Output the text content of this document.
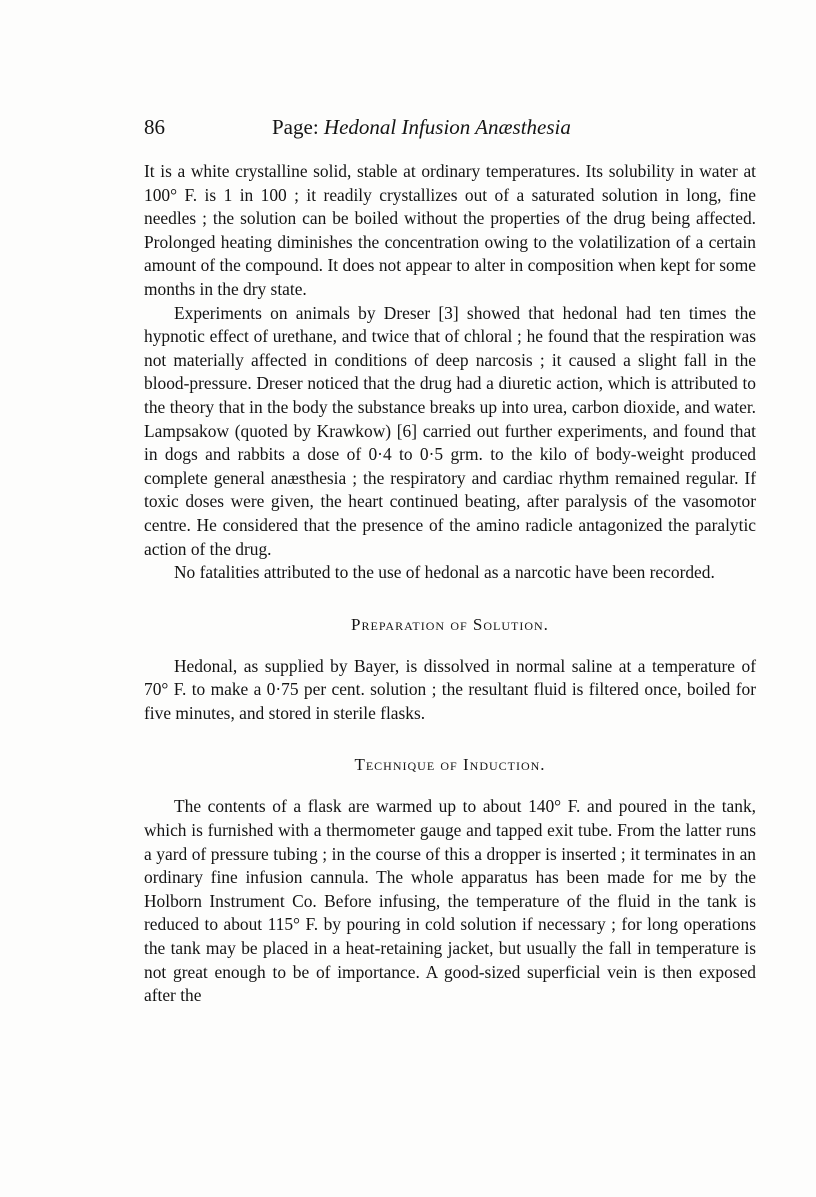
86	Page: Hedonal Infusion Anæsthesia

It is a white crystalline solid, stable at ordinary temperatures. Its solubility in water at 100° F. is 1 in 100 ; it readily crystallizes out of a saturated solution in long, fine needles ; the solution can be boiled without the properties of the drug being affected. Prolonged heating diminishes the concentration owing to the volatilization of a certain amount of the compound. It does not appear to alter in composition when kept for some months in the dry state.

Experiments on animals by Dreser [3] showed that hedonal had ten times the hypnotic effect of urethane, and twice that of chloral ; he found that the respiration was not materially affected in conditions of deep narcosis ; it caused a slight fall in the blood-pressure. Dreser noticed that the drug had a diuretic action, which is attributed to the theory that in the body the substance breaks up into urea, carbon dioxide, and water. Lampsakow (quoted by Krawkow) [6] carried out further experiments, and found that in dogs and rabbits a dose of 0·4 to 0·5 grm. to the kilo of body-weight produced complete general anæsthesia ; the respiratory and cardiac rhythm remained regular. If toxic doses were given, the heart continued beating, after paralysis of the vasomotor centre. He considered that the presence of the amino radicle antagonized the paralytic action of the drug.

No fatalities attributed to the use of hedonal as a narcotic have been recorded.

Preparation of Solution.

Hedonal, as supplied by Bayer, is dissolved in normal saline at a temperature of 70° F. to make a 0·75 per cent. solution ; the resultant fluid is filtered once, boiled for five minutes, and stored in sterile flasks.

Technique of Induction.

The contents of a flask are warmed up to about 140° F. and poured in the tank, which is furnished with a thermometer gauge and tapped exit tube. From the latter runs a yard of pressure tubing ; in the course of this a dropper is inserted ; it terminates in an ordinary fine infusion cannula. The whole apparatus has been made for me by the Holborn Instrument Co. Before infusing, the temperature of the fluid in the tank is reduced to about 115° F. by pouring in cold solution if necessary ; for long operations the tank may be placed in a heat-retaining jacket, but usually the fall in temperature is not great enough to be of importance. A good-sized superficial vein is then exposed after the
